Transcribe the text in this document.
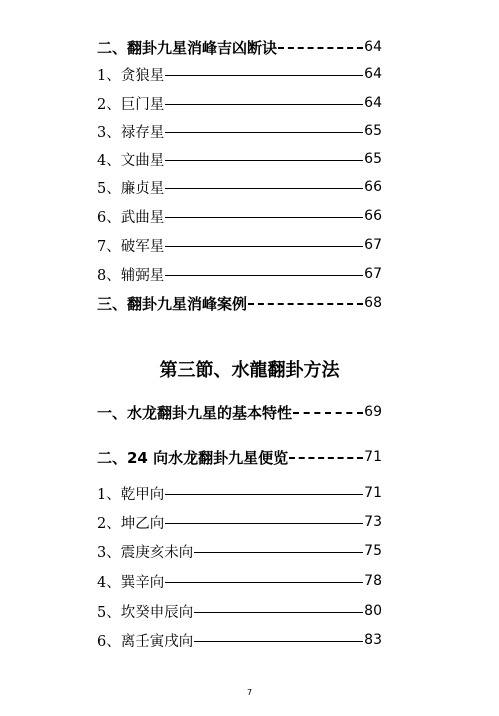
二、翻卦九星消峰吉凶断诀	64
1、贪狼星	64
2、巨门星	64
3、禄存星	65
4、文曲星	65
5、廉贞星	66
6、武曲星	66
7、破军星	67
8、辅弼星	67
三、翻卦九星消峰案例	68
第三節、水龍翻卦方法
一、水龙翻卦九星的基本特性	69
二、24 向水龙翻卦九星便览	71
1、乾甲向	71
2、坤乙向	73
3、震庚亥未向	75
4、巽辛向	78
5、坎癸申辰向	80
6、离壬寅戌向	83
7
